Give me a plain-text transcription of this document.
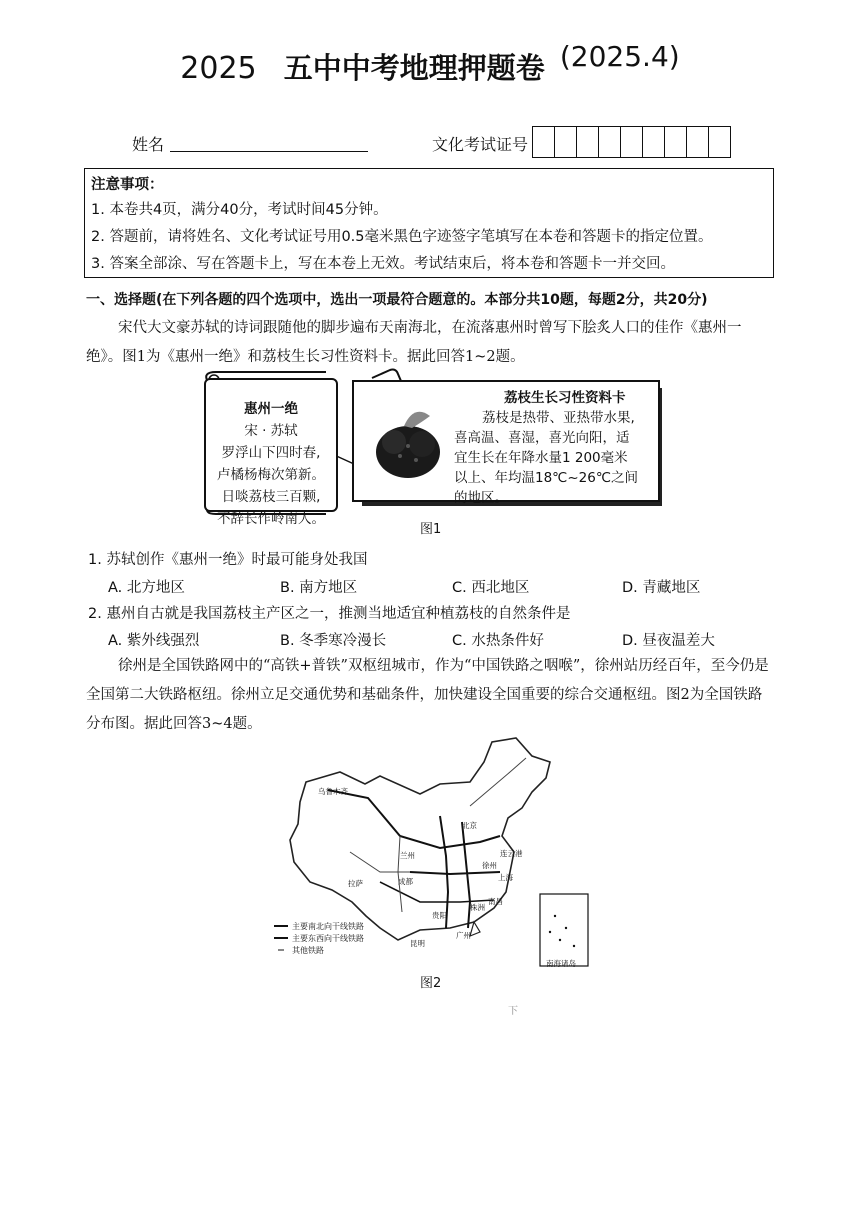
2025 五中中考地理押题卷 (2025.4)
姓名	文化考试证号
注意事项：
1. 本卷共4页，满分40分，考试时间45分钟。
2. 答题前，请将姓名、文化考试证号用0.5毫米黑色字迹签字笔填写在本卷和答题卡的指定位置。
3. 答案全部涂、写在答题卡上，写在本卷上无效。考试结束后，将本卷和答题卡一并交回。
一、选择题(在下列各题的四个选项中，选出一项最符合题意的。本部分共10题，每题2分，共20分)
宋代大文豪苏轼的诗词跟随他的脚步遍布天南海北，在流落惠州时曾写下脍炙人口的佳作《惠州一绝》。图1为《惠州一绝》和荔枝生长习性资料卡。据此回答1~2题。
惠州一绝
宋 · 苏轼
罗浮山下四时春,
卢橘杨梅次第新。
日啖荔枝三百颗,
不辞长作岭南人。
荔枝生长习性资料卡
荔枝是热带、亚热带水果,
喜高温、喜湿，喜光向阳，适
宜生长在年降水量1 200毫米
以上、年均温18℃~26℃之间
的地区。
图1
1. 苏轼创作《惠州一绝》时最可能身处我国
A. 北方地区	B. 南方地区	C. 西北地区	D. 青藏地区
2. 惠州自古就是我国荔枝主产区之一，推测当地适宜种植荔枝的自然条件是
A. 紫外线强烈	B. 冬季寒冷漫长	C. 水热条件好	D. 昼夜温差大
徐州是全国铁路网中的“高铁+普铁”双枢纽城市，作为“中国铁路之咽喉”，徐州站历经百年，至今仍是全国第二大铁路枢纽。徐州立足交通优势和基础条件，加快建设全国重要的综合交通枢纽。图2为全国铁路分布图。据此回答3~4题。
乌鲁木齐
北京
兰州	连云港
徐州
拉萨	成都	上海
贵阳
株洲
南昌
昆明
广州
南海诸岛
主要南北向干线铁路
主要东西向干线铁路
其他铁路
图2
下
